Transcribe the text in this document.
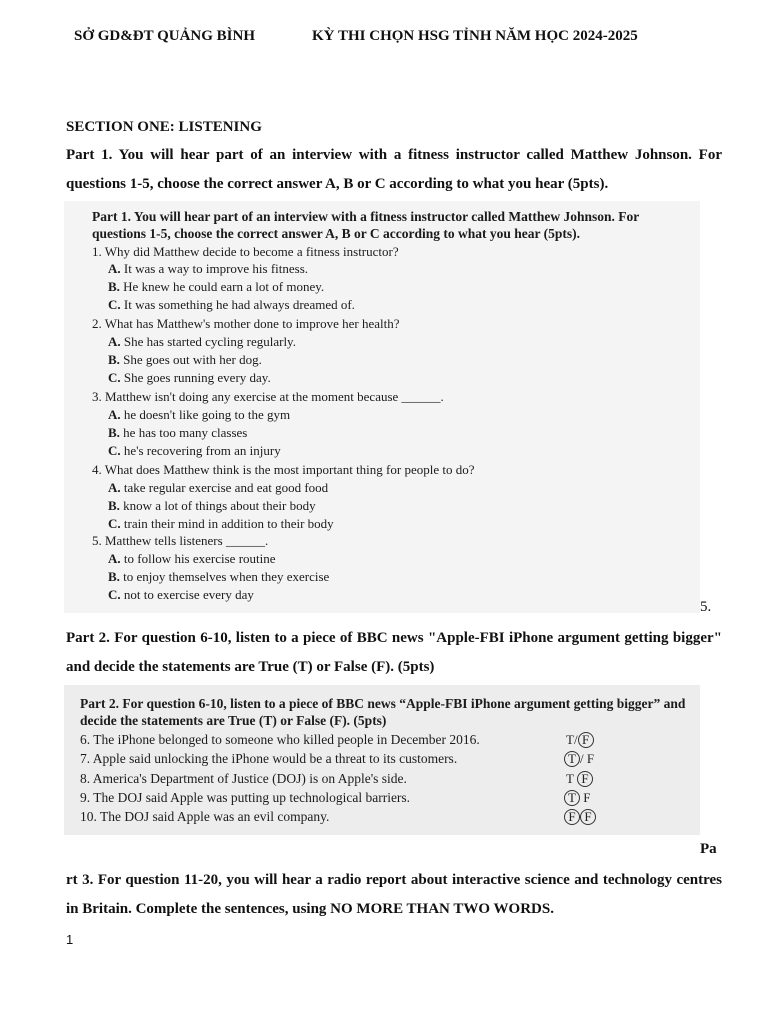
SỞ GD&ĐT QUẢNG BÌNH	KỲ THI CHỌN HSG TỈNH NĂM HỌC 2024-2025
SECTION ONE: LISTENING
Part 1. You will hear part of an interview with a fitness instructor called Matthew Johnson. For questions 1-5, choose the correct answer A, B or C according to what you hear (5pts).
Part 1. You will hear part of an interview with a fitness instructor called Matthew Johnson. For questions 1-5, choose the correct answer A, B or C according to what you hear (5pts).
1. Why did Matthew decide to become a fitness instructor?
A. It was a way to improve his fitness.
B. He knew he could earn a lot of money.
C. It was something he had always dreamed of.
2. What has Matthew's mother done to improve her health?
A. She has started cycling regularly.
B. She goes out with her dog.
C. She goes running every day.
3. Matthew isn't doing any exercise at the moment because ______.
A. he doesn't like going to the gym
B. he has too many classes
C. he's recovering from an injury
4. What does Matthew think is the most important thing for people to do?
A. take regular exercise and eat good food
B. know a lot of things about their body
C. train their mind in addition to their body
5. Matthew tells listeners ______.
A. to follow his exercise routine
B. to enjoy themselves when they exercise
C. not to exercise every day
5.
Part 2. For question 6-10, listen to a piece of BBC news "Apple-FBI iPhone argument getting bigger" and decide the statements are True (T) or False (F). (5pts)
Part 2. For question 6-10, listen to a piece of BBC news “Apple-FBI iPhone argument getting bigger” and decide the statements are True (T) or False (F). (5pts)
6. The iPhone belonged to someone who killed people in December 2016.	T/ F
7. Apple said unlocking the iPhone would be a threat to its customers.	T / F
8. America's Department of Justice (DOJ) is on Apple's side.	T F
9. The DOJ said Apple was putting up technological barriers.	T F
10. The DOJ said Apple was an evil company.	F F
Pa
rt 3. For question 11-20, you will hear a radio report about interactive science and technology centres in Britain. Complete the sentences, using NO MORE THAN TWO WORDS.
1
